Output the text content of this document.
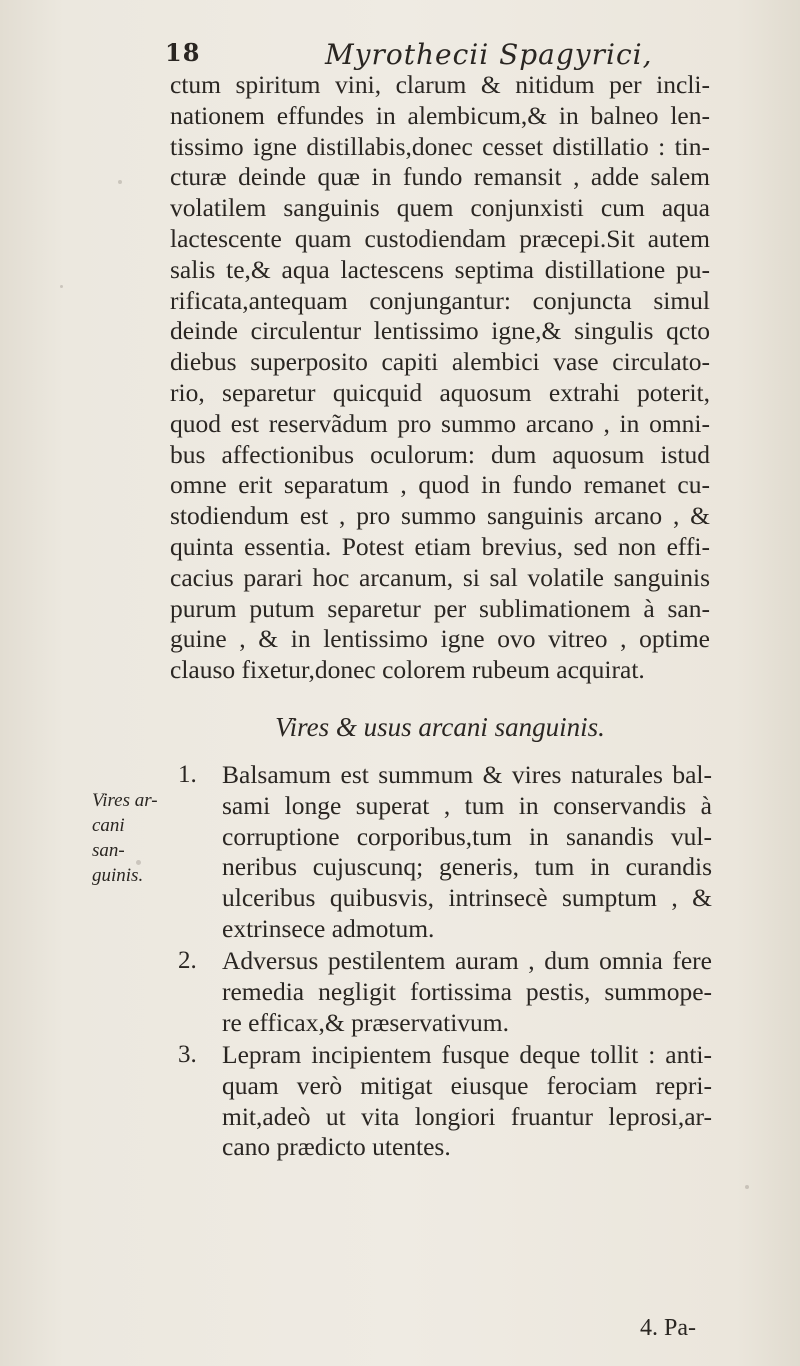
18	Myrothecii Spagyrici,
ctum spiritum vini, clarum & nitidum per incli-
nationem effundes in alembicum,& in balneo len-
tissimo igne distillabis,donec cesset distillatio : tin-
cturæ deinde quæ in fundo remansit , adde salem
volatilem sanguinis quem conjunxisti cum aqua
lactescente quam custodiendam præcepi.Sit autem
salis te,& aqua lactescens septima distillatione pu-
rificata,antequam conjungantur: conjuncta simul
deinde circulentur lentissimo igne,& singulis qcto
diebus superposito capiti alembici vase circulato-
rio, separetur quicquid aquosum extrahi poterit,
quod est reservãdum pro summo arcano , in omni-
bus affectionibus oculorum: dum aquosum istud
omne erit separatum , quod in fundo remanet cu-
stodiendum est , pro summo sanguinis arcano , &
quinta essentia. Potest etiam brevius, sed non effi-
cacius parari hoc arcanum, si sal volatile sanguinis
purum putum separetur per sublimationem à san-
guine , & in lentissimo igne ovo vitreo , optime
clauso fixetur,donec colorem rubeum acquirat.
Vires & usus arcani sanguinis.
Vires ar-
cani san-
guinis.
1. Balsamum est summum & vires naturales bal-
sami longe superat , tum in conservandis à
corruptione corporibus,tum in sanandis vul-
neribus cujuscunq; generis, tum in curandis
ulceribus quibusvis, intrinsecè sumptum , &
extrinsece admotum.
2. Adversus pestilentem auram , dum omnia fere
remedia negligit fortissima pestis, summope-
re efficax,& præservativum.
3. Lepram incipientem fusque deque tollit : anti-
quam verò mitigat eiusque ferociam repri-
mit,adeò ut vita longiori fruantur leprosi,ar-
cano prædicto utentes.
4. Pa-
